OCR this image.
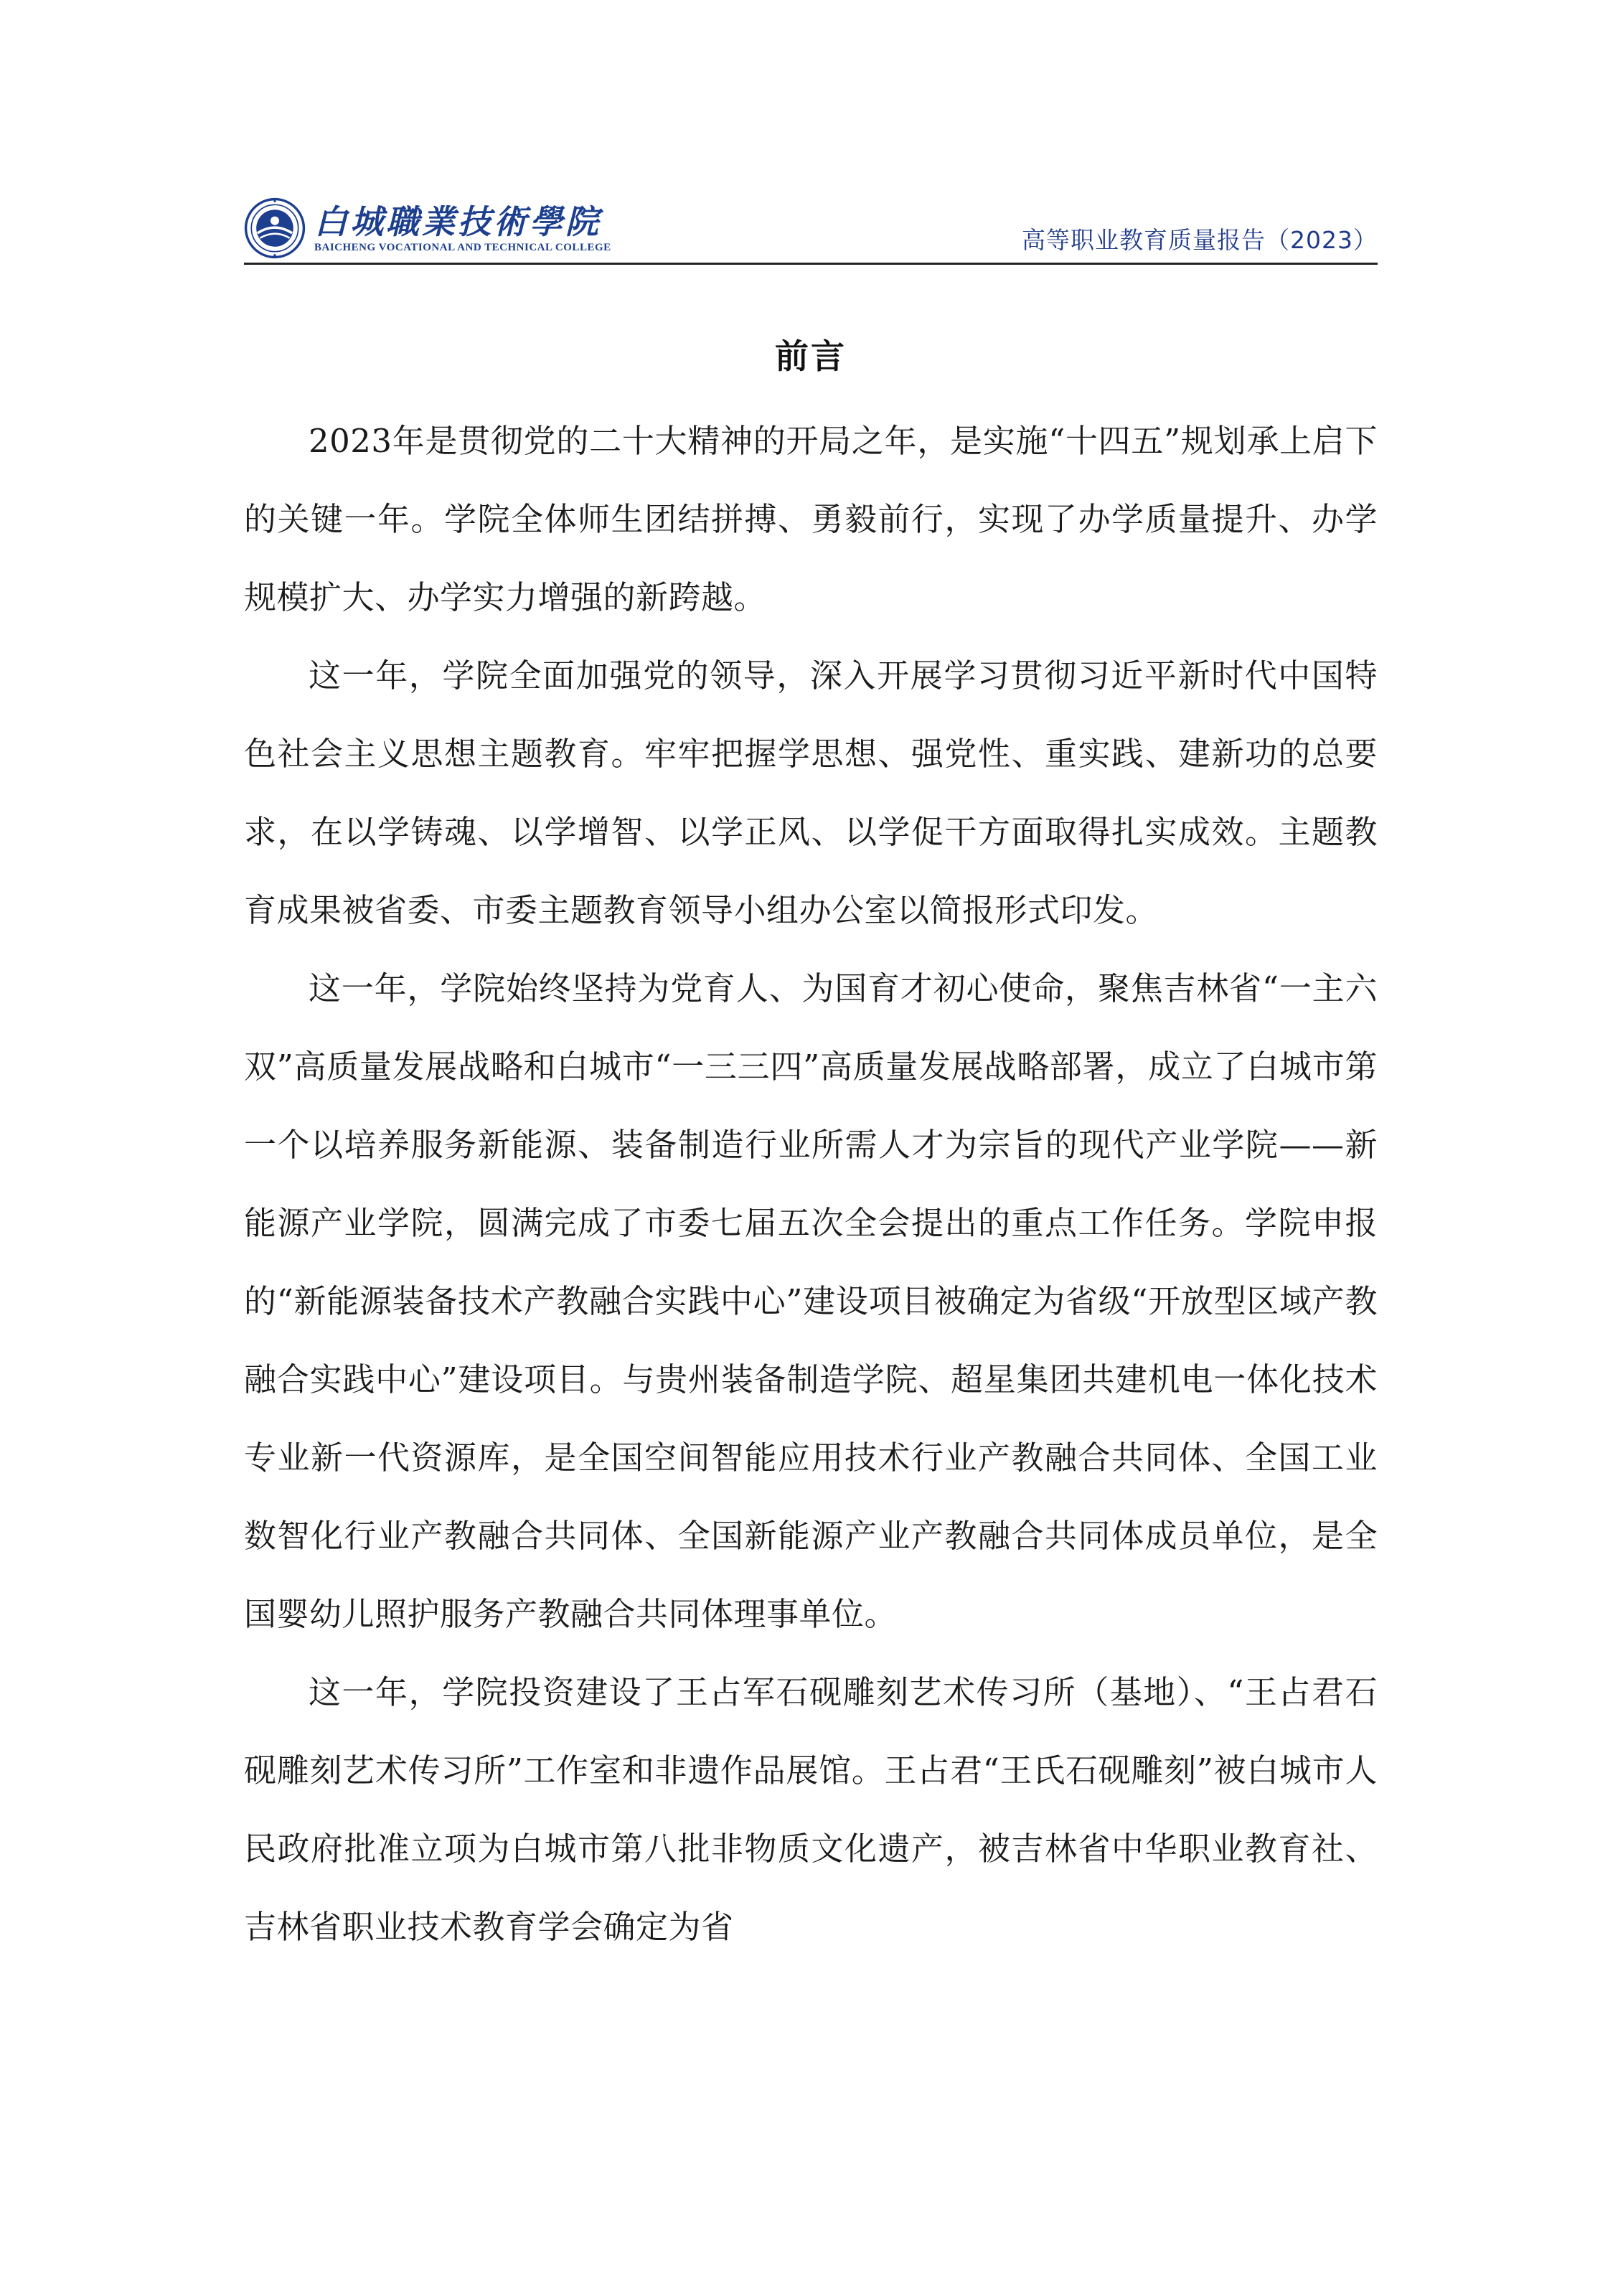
白城職業技術學院
BAICHENG VOCATIONAL AND TECHNICAL COLLEGE	高等职业教育质量报告（2023）
前言

2023年是贯彻党的二十大精神的开局之年，是实施“十四五”规划承上启下的关键一年。学院全体师生团结拼搏、勇毅前行，实现了办学质量提升、办学规模扩大、办学实力增强的新跨越。

这一年，学院全面加强党的领导，深入开展学习贯彻习近平新时代中国特色社会主义思想主题教育。牢牢把握学思想、强党性、重实践、建新功的总要求，在以学铸魂、以学增智、以学正风、以学促干方面取得扎实成效。主题教育成果被省委、市委主题教育领导小组办公室以简报形式印发。

这一年，学院始终坚持为党育人、为国育才初心使命，聚焦吉林省“一主六双”高质量发展战略和白城市“一三三四”高质量发展战略部署，成立了白城市第一个以培养服务新能源、装备制造行业所需人才为宗旨的现代产业学院——新能源产业学院，圆满完成了市委七届五次全会提出的重点工作任务。学院申报的“新能源装备技术产教融合实践中心”建设项目被确定为省级“开放型区域产教融合实践中心”建设项目。与贵州装备制造学院、超星集团共建机电一体化技术专业新一代资源库，是全国空间智能应用技术行业产教融合共同体、全国工业数智化行业产教融合共同体、全国新能源产业产教融合共同体成员单位，是全国婴幼儿照护服务产教融合共同体理事单位。

这一年，学院投资建设了王占军石砚雕刻艺术传习所（基地）、“王占君石砚雕刻艺术传习所”工作室和非遗作品展馆。王占君“王氏石砚雕刻”被白城市人民政府批准立项为白城市第八批非物质文化遗产，被吉林省中华职业教育社、吉林省职业技术教育学会确定为省
